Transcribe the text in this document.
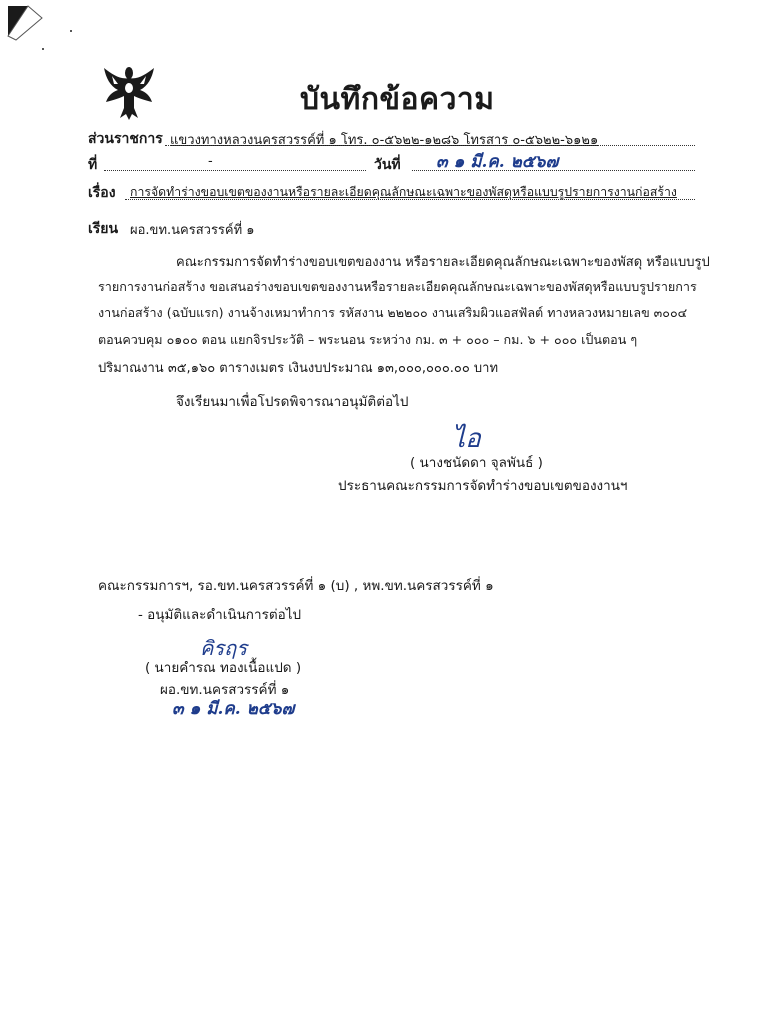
บันทึกข้อความ
ส่วนราชการ แขวงทางหลวงนครสวรรค์ที่ ๑ โทร. ๐-๕๖๒๒-๑๒๘๖ โทรสาร ๐-๕๖๒๒-๖๑๒๑
ที่	-	วันที่ ๓ ๑ มี.ค. ๒๕๖๗
เรื่อง การจัดทำร่างขอบเขตของงานหรือรายละเอียดคุณลักษณะเฉพาะของพัสดุหรือแบบรูปรายการงานก่อสร้าง
เรียน ผอ.ขท.นครสวรรค์ที่ ๑
คณะกรรมการจัดทำร่างขอบเขตของงาน หรือรายละเอียดคุณลักษณะเฉพาะของพัสดุ หรือแบบรูป
รายการงานก่อสร้าง ขอเสนอร่างขอบเขตของงานหรือรายละเอียดคุณลักษณะเฉพาะของพัสดุหรือแบบรูปรายการ
งานก่อสร้าง (ฉบับแรก) งานจ้างเหมาทำการ รหัสงาน ๒๒๒๐๐ งานเสริมผิวแอสฟัลต์ ทางหลวงหมายเลข ๓๐๐๔
ตอนควบคุม ๐๑๐๐ ตอน แยกจิรประวัติ – พระนอน ระหว่าง กม. ๓ + ๐๐๐ – กม. ๖ + ๐๐๐ เป็นตอน ๆ
ปริมาณงาน ๓๕,๑๖๐ ตารางเมตร เงินงบประมาณ ๑๓,๐๐๐,๐๐๐.๐๐ บาท
จึงเรียนมาเพื่อโปรดพิจารณาอนุมัติต่อไป
ไอ
( นางชนัดดา จุลพันธ์ )
ประธานคณะกรรมการจัดทำร่างขอบเขตของงานฯ
คณะกรรมการฯ, รอ.ขท.นครสวรรค์ที่ ๑ (บ) , หพ.ขท.นครสวรรค์ที่ ๑
- อนุมัติและดำเนินการต่อไป
คิรฤร
( นายคำรณ ทองเนื้อแปด )
ผอ.ขท.นครสวรรค์ที่ ๑
๓ ๑ มี.ค. ๒๕๖๗
